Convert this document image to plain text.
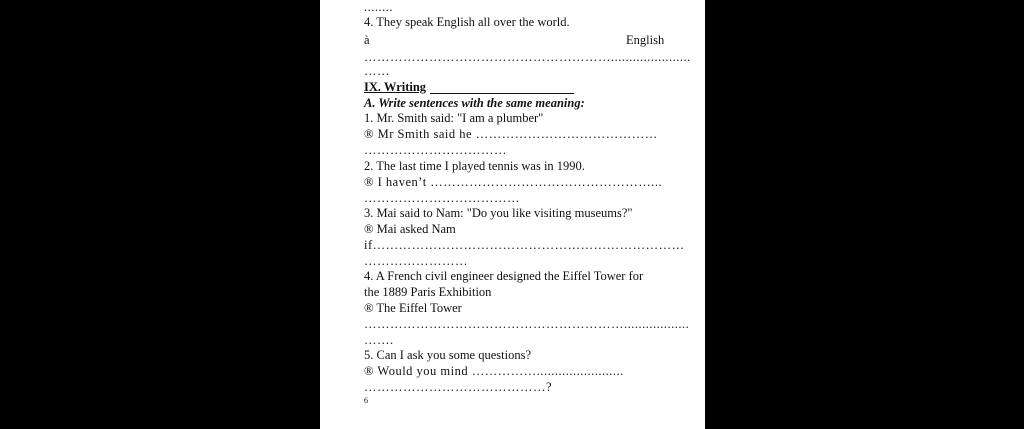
........
4. They speak English all over the world.
à	English
…………………………………………………......................
……
IX. Writing
A. Write sentences with the same meaning:
1. Mr. Smith said: "I am a plumber"
® Mr Smith said he ……………………………………
……………………………
2. The last time I played tennis was in 1990.
® I haven’t ……………………………………………...
………………………………
3. Mai said to Nam: "Do you like visiting museums?"
® Mai asked Nam
if………………………………………………………………
……………………
4. A French civil engineer designed the Eiffel Tower for
the 1889 Paris Exhibition
® The Eiffel Tower
……………………………………………………..................
…….
5. Can I ask you some questions?
® Would you mind ……………........................
……………………………………?
6
